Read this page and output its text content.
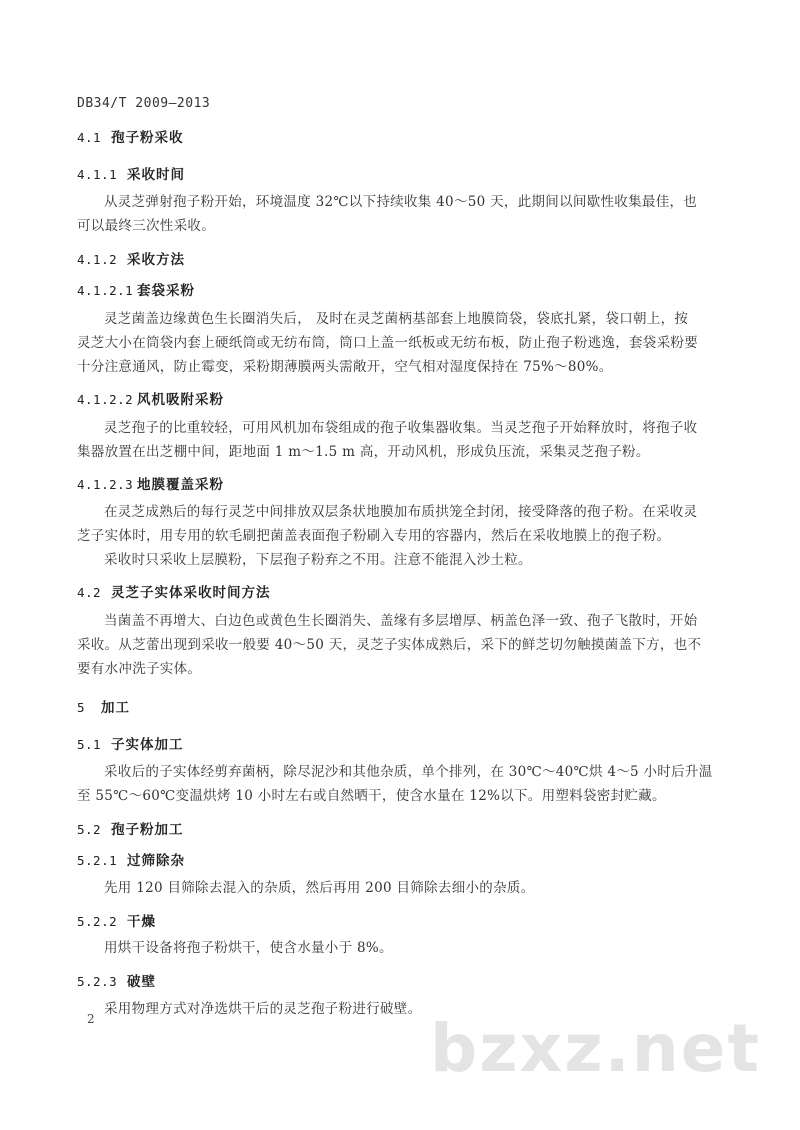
DB34/T 2009—2013
4.1 孢子粉采收
4.1.1 采收时间
从灵芝弹射孢子粉开始，环境温度 32℃以下持续收集 40～50 天，此期间以间歇性收集最佳，也
可以最终三次性采收。
4.1.2 采收方法
4.1.2.1 套袋采粉
灵芝菌盖边缘黄色生长圈消失后， 及时在灵芝菌柄基部套上地膜筒袋，袋底扎紧，袋口朝上，按
灵芝大小在筒袋内套上硬纸筒或无纺布筒，筒口上盖一纸板或无纺布板，防止孢子粉逃逸，套袋采粉要
十分注意通风，防止霉变，采粉期薄膜两头需敞开，空气相对湿度保持在 75%～80%。
4.1.2.2 风机吸附采粉
灵芝孢子的比重较轻，可用风机加布袋组成的孢子收集器收集。当灵芝孢子开始释放时，将孢子收
集器放置在出芝棚中间，距地面 1 m～1.5 m 高，开动风机，形成负压流，采集灵芝孢子粉。
4.1.2.3 地膜覆盖采粉
在灵芝成熟后的每行灵芝中间排放双层条状地膜加布质拱笼全封闭，接受降落的孢子粉。在采收灵
芝子实体时，用专用的软毛刷把菌盖表面孢子粉刷入专用的容器内，然后在采收地膜上的孢子粉。
采收时只采收上层膜粉，下层孢子粉弃之不用。注意不能混入沙土粒。
4.2 灵芝子实体采收时间方法
当菌盖不再增大、白边色或黄色生长圈消失、盖缘有多层增厚、柄盖色泽一致、孢子飞散时，开始
采收。从芝蕾出现到采收一般要 40～50 天，灵芝子实体成熟后，采下的鲜芝切勿触摸菌盖下方，也不
要有水冲洗子实体。
5 加工
5.1 子实体加工
采收后的子实体经剪弃菌柄，除尽泥沙和其他杂质，单个排列，在 30℃～40℃烘 4～5 小时后升温
至 55℃～60℃变温烘烤 10 小时左右或自然晒干，使含水量在 12%以下。用塑料袋密封贮藏。
5.2 孢子粉加工
5.2.1 过筛除杂
先用 120 目筛除去混入的杂质，然后再用 200 目筛除去细小的杂质。
5.2.2 干燥
用烘干设备将孢子粉烘干，使含水量小于 8%。
5.2.3 破壁
采用物理方式对净选烘干后的灵芝孢子粉进行破壁。
2	bzxz.net
